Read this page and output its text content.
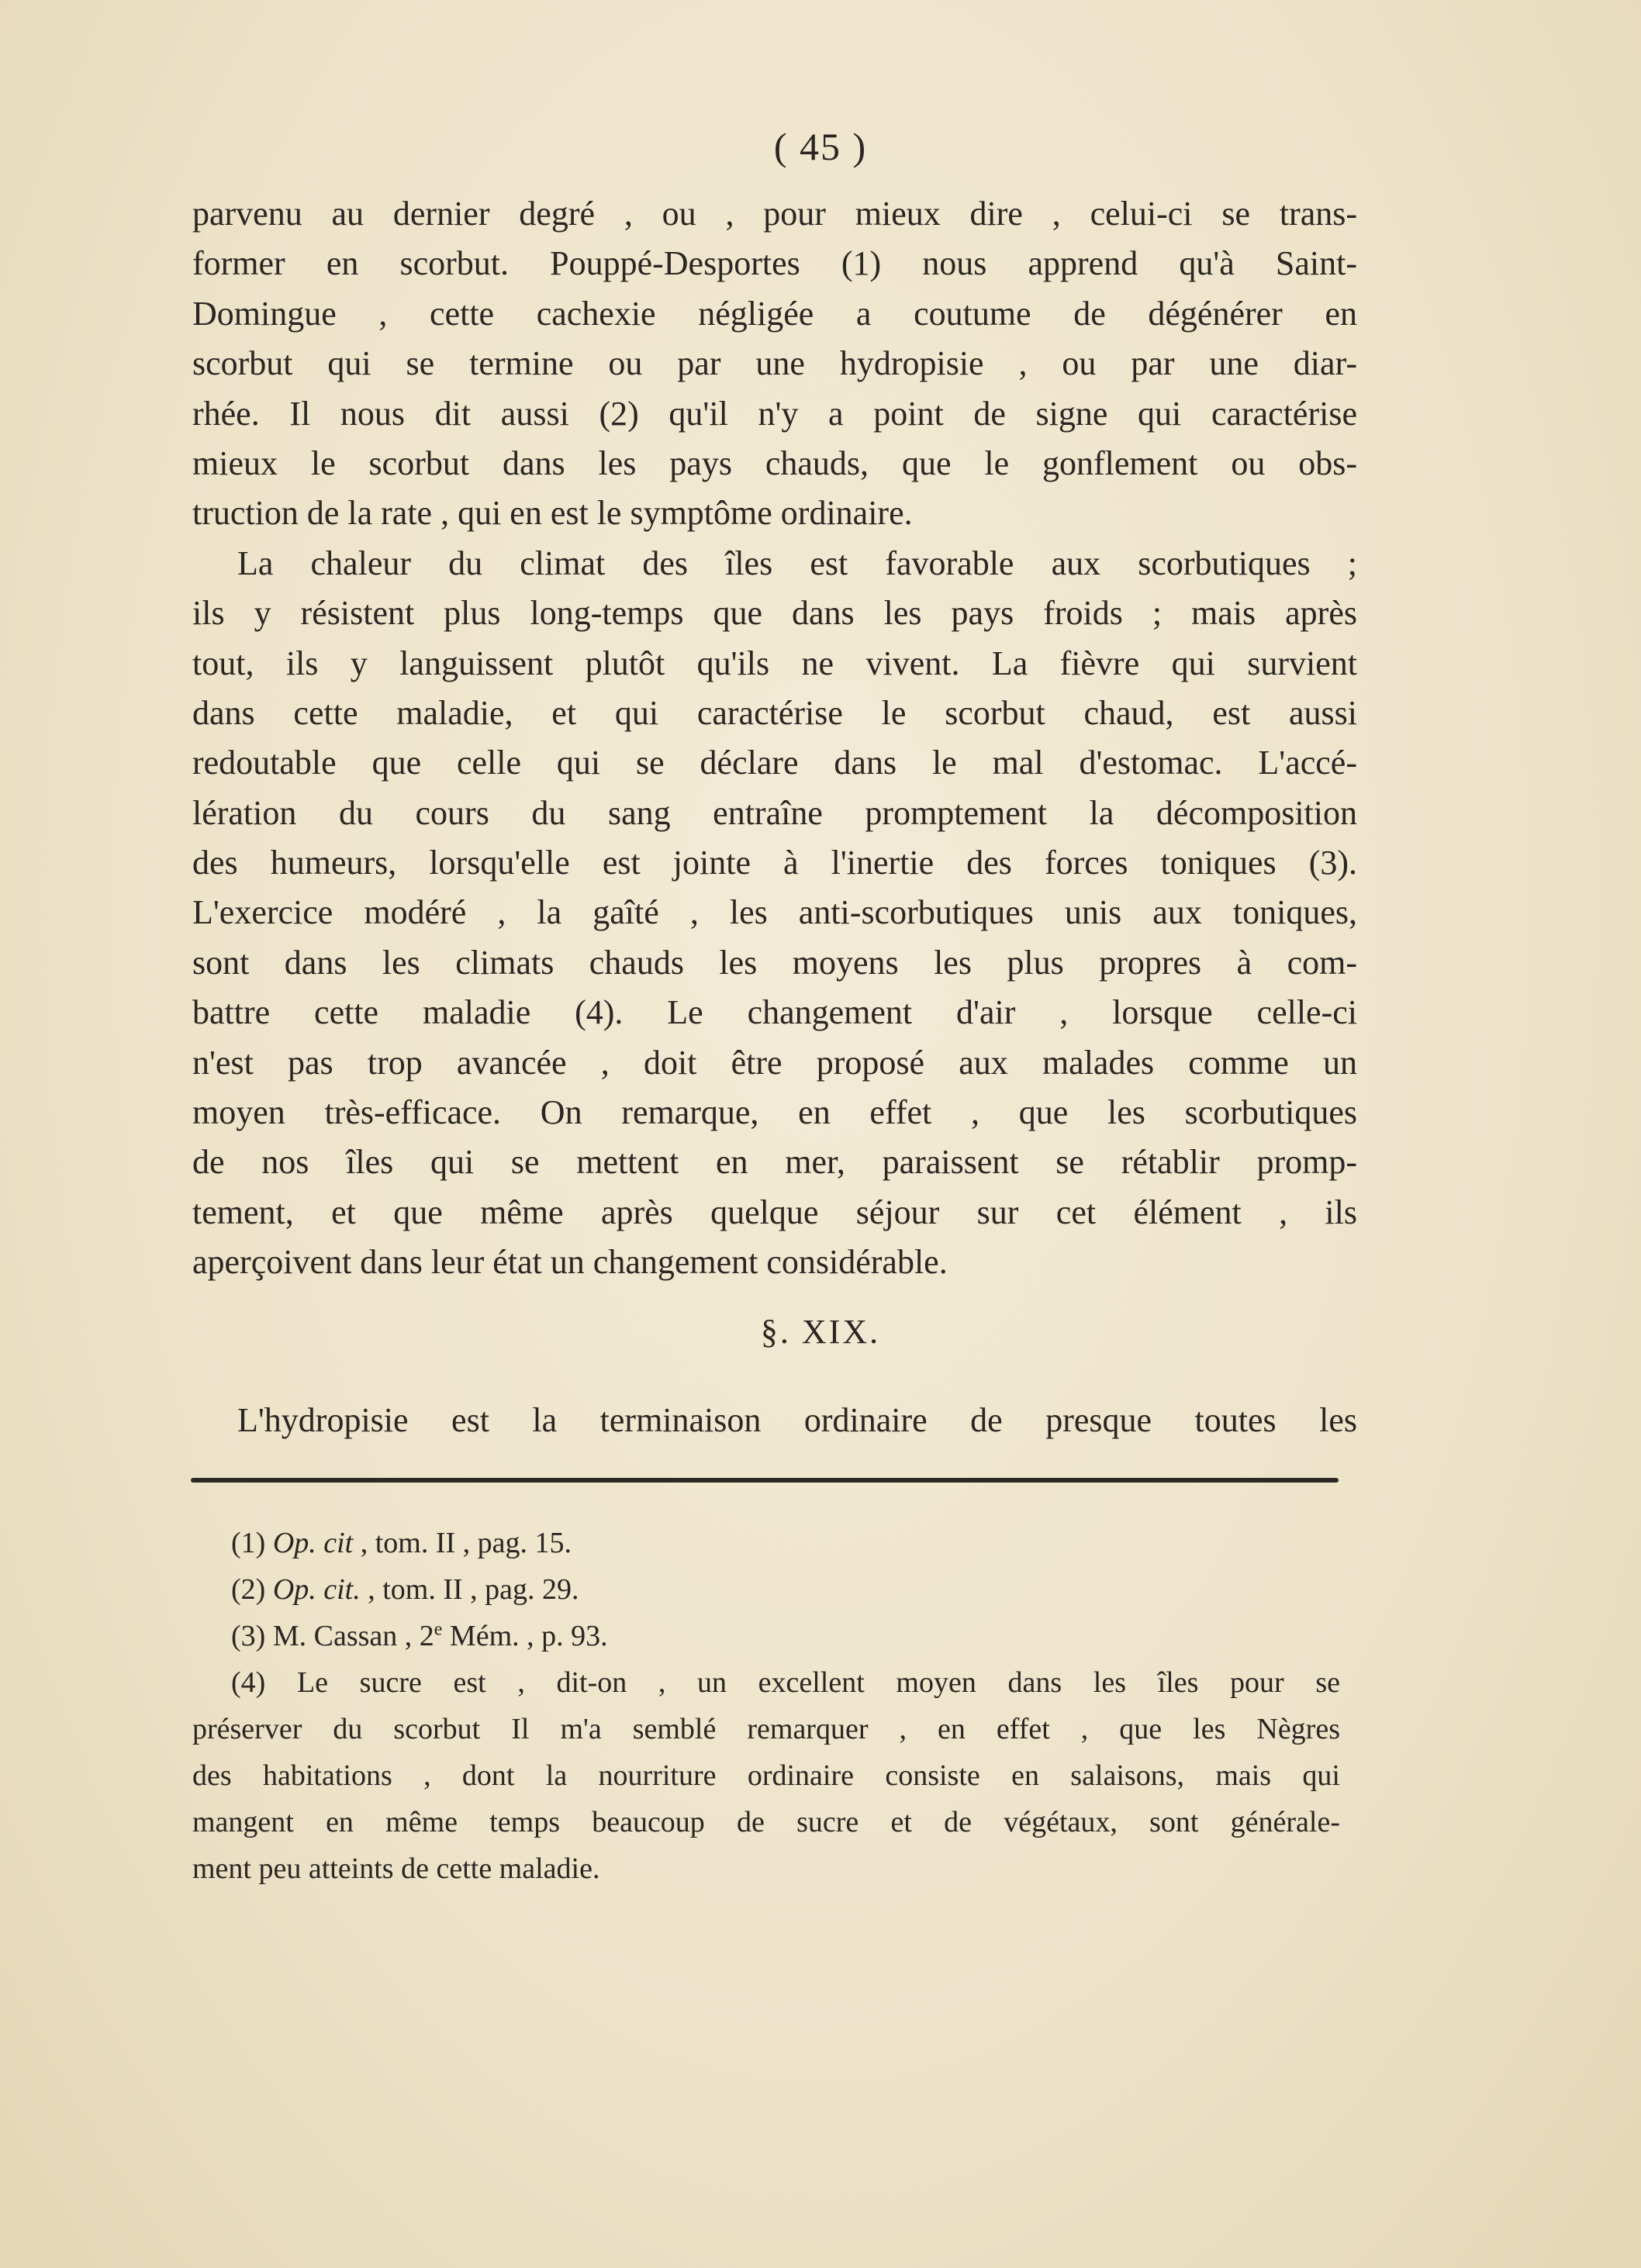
( 45 )
parvenu au dernier degré , ou , pour mieux dire , celui-ci se trans-
former en scorbut. Pouppé-Desportes (1) nous apprend qu'à Saint-
Domingue , cette cachexie négligée a coutume de dégénérer en
scorbut qui se termine ou par une hydropisie , ou par une diar-
rhée. Il nous dit aussi (2) qu'il n'y a point de signe qui caractérise
mieux le scorbut dans les pays chauds, que le gonflement ou obs-
truction de la rate , qui en est le symptôme ordinaire.
La chaleur du climat des îles est favorable aux scorbutiques ;
ils y résistent plus long-temps que dans les pays froids ; mais après
tout, ils y languissent plutôt qu'ils ne vivent. La fièvre qui survient
dans cette maladie, et qui caractérise le scorbut chaud, est aussi
redoutable que celle qui se déclare dans le mal d'estomac. L'accé-
lération du cours du sang entraîne promptement la décomposition
des humeurs, lorsqu'elle est jointe à l'inertie des forces toniques (3).
L'exercice modéré , la gaîté , les anti-scorbutiques unis aux toniques,
sont dans les climats chauds les moyens les plus propres à com-
battre cette maladie (4). Le changement d'air , lorsque celle-ci
n'est pas trop avancée , doit être proposé aux malades comme un
moyen très-efficace. On remarque, en effet , que les scorbutiques
de nos îles qui se mettent en mer, paraissent se rétablir promp-
tement, et que même après quelque séjour sur cet élément , ils
aperçoivent dans leur état un changement considérable.
§. XIX.
L'hydropisie est la terminaison ordinaire de presque toutes les
(1) Op. cit , tom. II , pag. 15.
(2) Op. cit. , tom. II , pag. 29.
(3) M. Cassan , 2e Mém. , p. 93.
(4) Le sucre est , dit-on , un excellent moyen dans les îles pour se
préserver du scorbut Il m'a semblé remarquer , en effet , que les Nègres
des habitations , dont la nourriture ordinaire consiste en salaisons, mais qui
mangent en même temps beaucoup de sucre et de végétaux, sont générale-
ment peu atteints de cette maladie.
